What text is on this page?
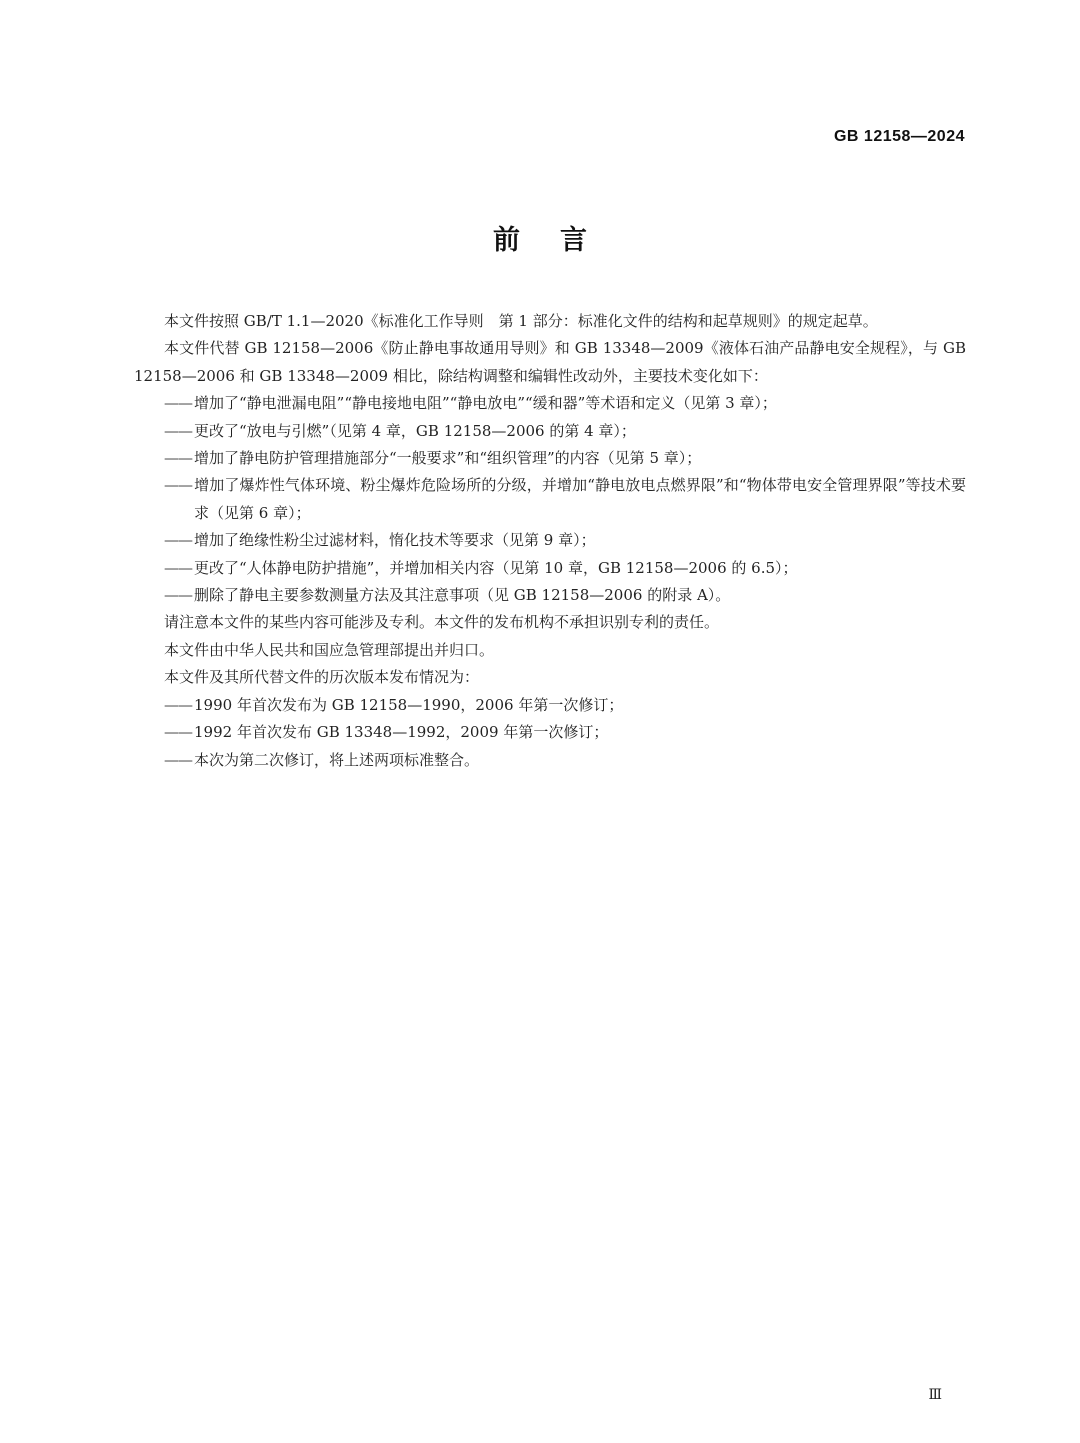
GB 12158—2024
前言

本文件按照 GB/T 1.1—2020《标准化工作导则　第 1 部分：标准化文件的结构和起草规则》的规定起草。

本文件代替 GB 12158—2006《防止静电事故通用导则》和 GB 13348—2009《液体石油产品静电安全规程》，与 GB 12158—2006 和 GB 13348—2009 相比，除结构调整和编辑性改动外，主要技术变化如下：

—— 增加了“静电泄漏电阻”“静电接地电阻”“静电放电”“缓和器”等术语和定义（见第 3 章）；

—— 更改了“放电与引燃”（见第 4 章，GB 12158—2006 的第 4 章）；

—— 增加了静电防护管理措施部分“一般要求”和“组织管理”的内容（见第 5 章）；

—— 增加了爆炸性气体环境、粉尘爆炸危险场所的分级，并增加“静电放电点燃界限”和“物体带电安全管理界限”等技术要求（见第 6 章）；

—— 增加了绝缘性粉尘过滤材料，惰化技术等要求（见第 9 章）；

—— 更改了“人体静电防护措施”，并增加相关内容（见第 10 章，GB 12158—2006 的 6.5）；

—— 删除了静电主要参数测量方法及其注意事项（见 GB 12158—2006 的附录 A）。

请注意本文件的某些内容可能涉及专利。本文件的发布机构不承担识别专利的责任。

本文件由中华人民共和国应急管理部提出并归口。

本文件及其所代替文件的历次版本发布情况为：

—— 1990 年首次发布为 GB 12158—1990，2006 年第一次修订；

—— 1992 年首次发布 GB 13348—1992，2009 年第一次修订；

—— 本次为第二次修订，将上述两项标准整合。

Ⅲ
